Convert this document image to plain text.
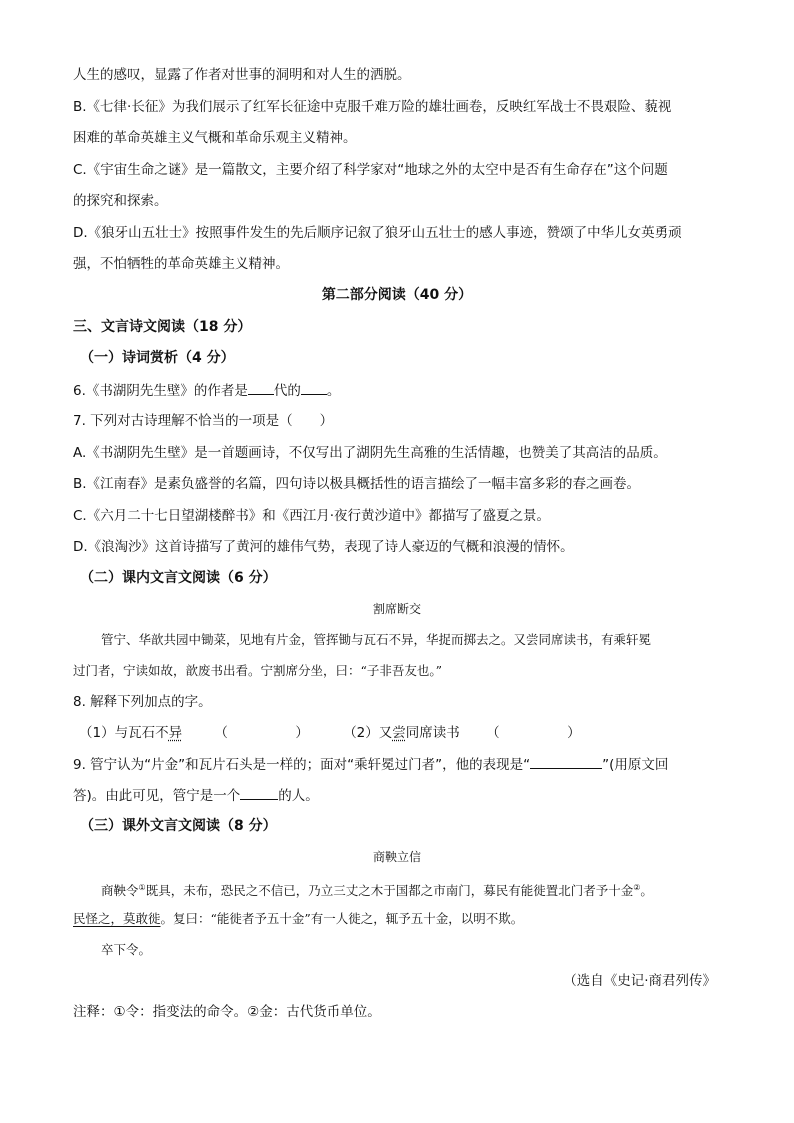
人生的感叹，显露了作者对世事的洞明和对人生的洒脱。
B.《七律·长征》为我们展示了红军长征途中克服千难万险的雄壮画卷，反映红军战士不畏艰险、藐视
困难的革命英雄主义气概和革命乐观主义精神。
C.《宇宙生命之谜》是一篇散文，主要介绍了科学家对“地球之外的太空中是否有生命存在”这个问题
的探究和探索。
D.《狼牙山五壮士》按照事件发生的先后顺序记叙了狼牙山五壮士的感人事迹，赞颂了中华儿女英勇顽
强，不怕牺牲的革命英雄主义精神。
第二部分阅读（40 分）
三、文言诗文阅读（18 分）
（一）诗词赏析（4 分）
6.《书湖阴先生壁》的作者是 代的 。
7. 下列对古诗理解不恰当的一项是（　　）
A.《书湖阴先生壁》是一首题画诗，不仅写出了湖阴先生高雅的生活情趣，也赞美了其高洁的品质。
B.《江南春》是素负盛誉的名篇，四句诗以极具概括性的语言描绘了一幅丰富多彩的春之画卷。
C.《六月二十七日望湖楼醉书》和《西江月·夜行黄沙道中》都描写了盛夏之景。
D.《浪淘沙》这首诗描写了黄河的雄伟气势，表现了诗人豪迈的气概和浪漫的情怀。
（二）课内文言文阅读（6 分）
割席断交
管宁、华歆共园中锄菜，见地有片金，管挥锄与瓦石不异，华捉而掷去之。又尝同席读书，有乘轩冕
过门者，宁读如故，歆废书出看。宁割席分坐，曰：“子非吾友也。”
8. 解释下列加点的字。
（1）与瓦石不异 （　　　　　）	（2）又尝同席读书 （　　　　　）
9. 管宁认为“片金”和瓦片石头是一样的；面对“乘轩冕过门者”，他的表现是“	”(用原文回
答)。由此可见，管宁是一个	的人。
（三）课外文言文阅读（8 分）
商鞅立信
商鞅令①既具，未布，恐民之不信已，乃立三丈之木于国都之市南门，募民有能徙置北门者予十金②。
民怪之，莫敢徙。复曰：“能徙者予五十金”有一人徙之，辄予五十金，以明不欺。
卒下令。
（选自《史记·商君列传》
注释：①令：指变法的命令。②金：古代货币单位。
